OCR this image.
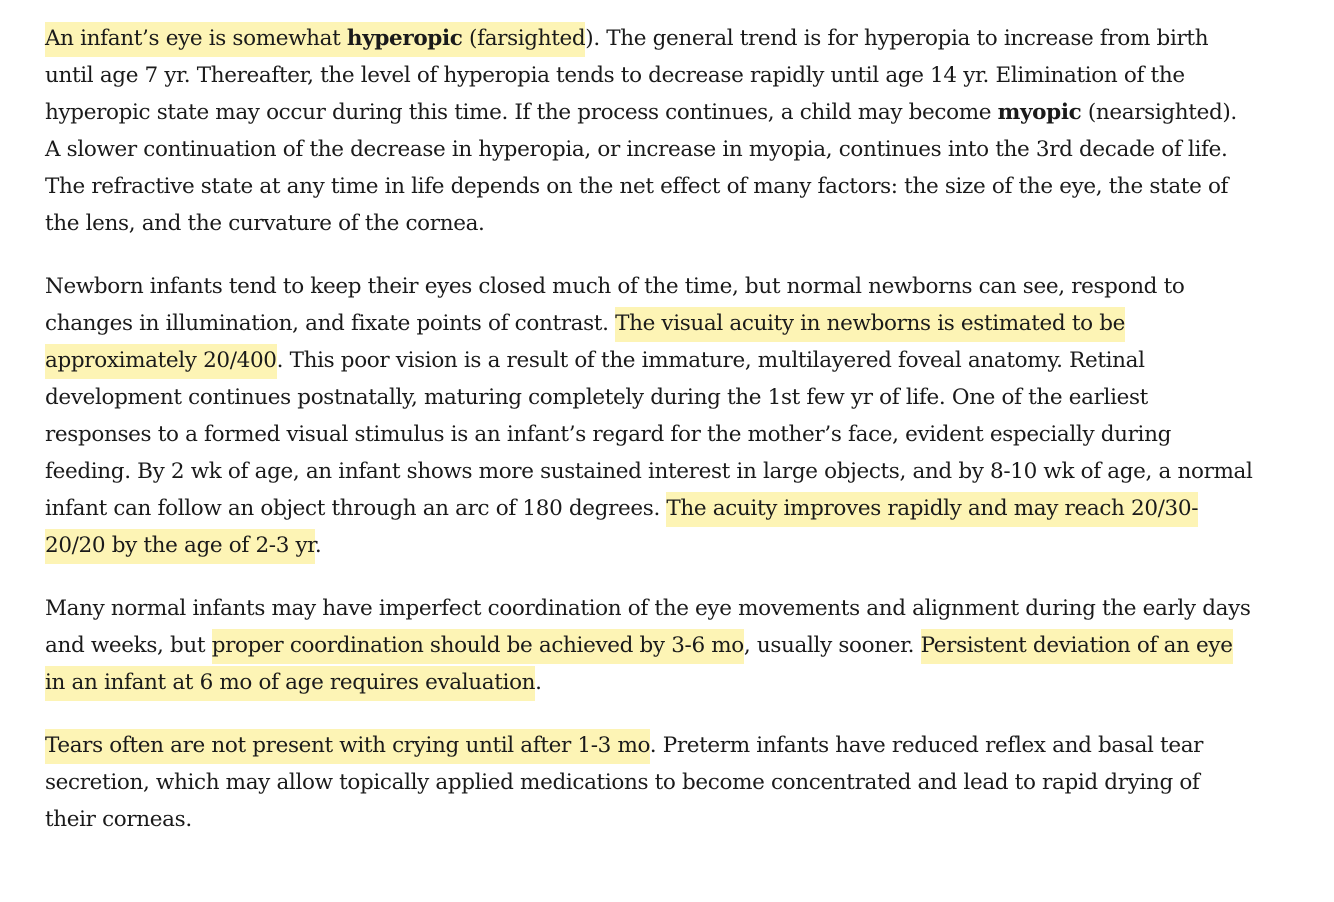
An infant’s eye is somewhat hyperopic (farsighted). The general trend is for hyperopia to increase from birth until age 7 yr. Thereafter, the level of hyperopia tends to decrease rapidly until age 14 yr. Elimination of the hyperopic state may occur during this time. If the process continues, a child may become myopic (nearsighted). A slower continuation of the decrease in hyperopia, or increase in myopia, continues into the 3rd decade of life. The refractive state at any time in life depends on the net effect of many factors: the size of the eye, the state of the lens, and the curvature of the cornea.

Newborn infants tend to keep their eyes closed much of the time, but normal newborns can see, respond to changes in illumination, and fixate points of contrast. The visual acuity in newborns is estimated to be approximately 20/400. This poor vision is a result of the immature, multilayered foveal anatomy. Retinal development continues postnatally, maturing completely during the 1st few yr of life. One of the earliest responses to a formed visual stimulus is an infant’s regard for the mother’s face, evident especially during feeding. By 2 wk of age, an infant shows more sustained interest in large objects, and by 8-10 wk of age, a normal infant can follow an object through an arc of 180 degrees. The acuity improves rapidly and may reach 20/30-20/20 by the age of 2-3 yr.

Many normal infants may have imperfect coordination of the eye movements and alignment during the early days and weeks, but proper coordination should be achieved by 3-6 mo, usually sooner. Persistent deviation of an eye in an infant at 6 mo of age requires evaluation.

Tears often are not present with crying until after 1-3 mo. Preterm infants have reduced reflex and basal tear secretion, which may allow topically applied medications to become concentrated and lead to rapid drying of their corneas.
